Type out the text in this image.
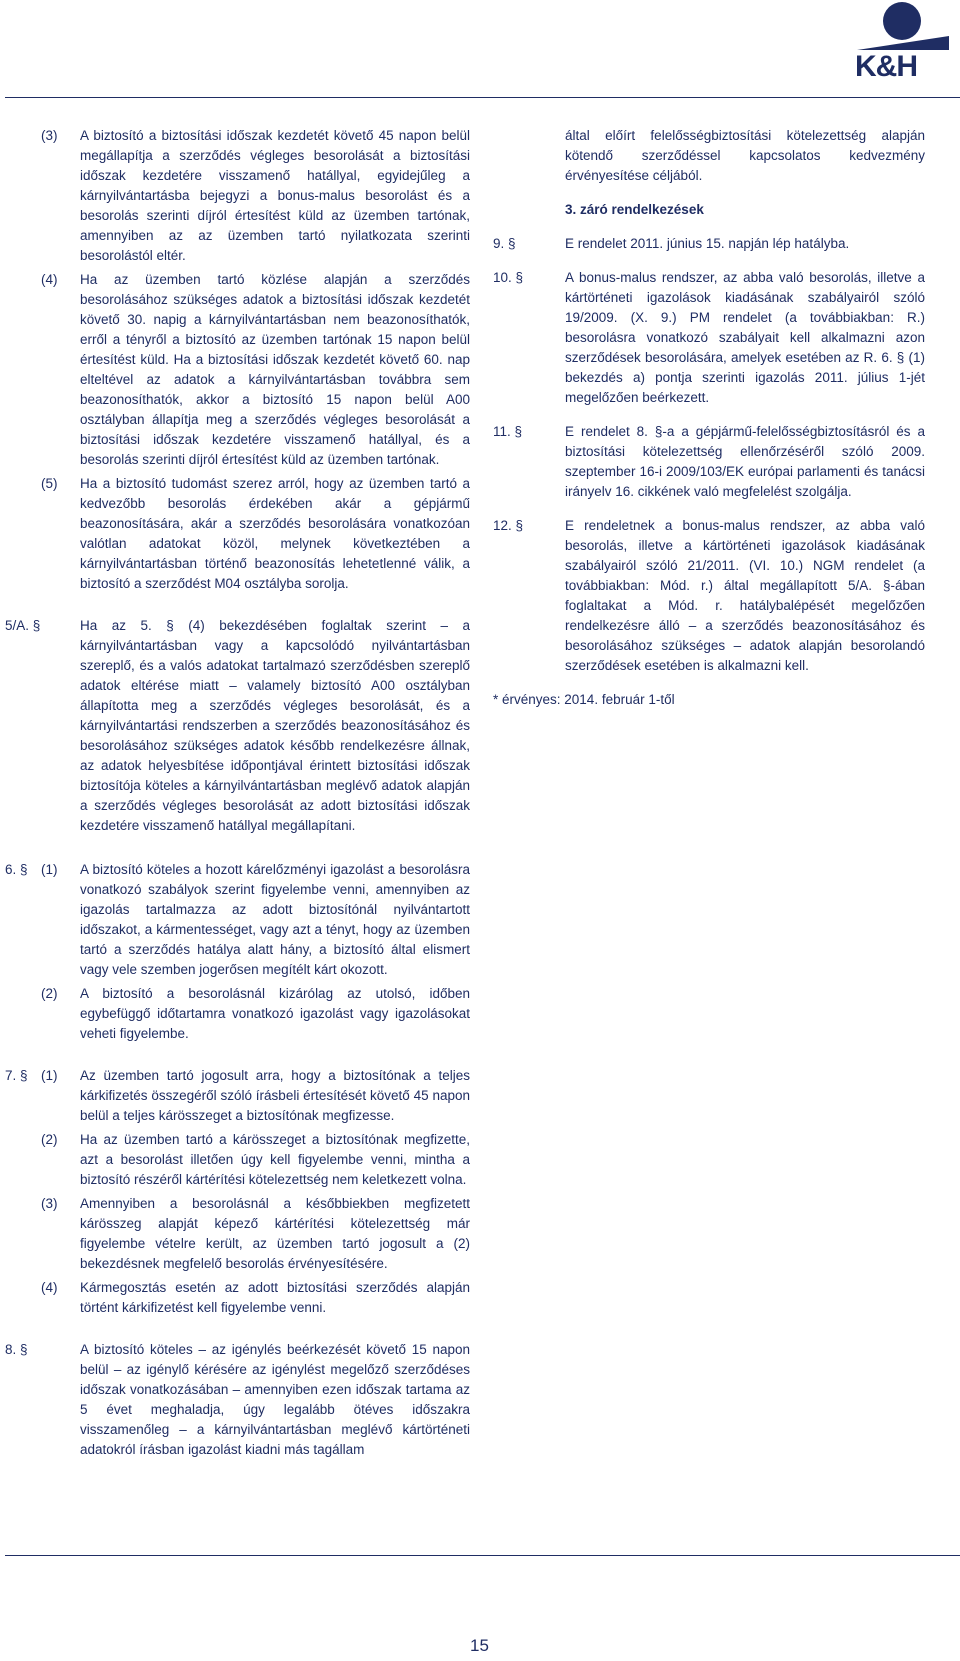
K&H
(3) A biztosító a biztosítási időszak kezdetét követő 45 napon belül megállapítja a szerződés végleges besorolását a biztosítási időszak kezdetére visszamenő hatállyal, egyidejűleg a kárnyilvántartásba bejegyzi a bonus-malus besorolást és a besorolás szerinti díjról értesítést küld az üzemben tartónak, amennyiben az az üzemben tartó nyilatkozata szerinti besorolástól eltér.

(4) Ha az üzemben tartó közlése alapján a szerződés besorolásához szükséges adatok a biztosítási időszak kezdetét követő 30. napig a kárnyilvántartásban nem beazonosíthatók, erről a tényről a biztosító az üzemben tartónak 15 napon belül értesítést küld. Ha a biztosítási időszak kezdetét követő 60. nap elteltével az adatok a kárnyilvántartásban továbbra sem beazonosíthatók, akkor a biztosító 15 napon belül A00 osztályban állapítja meg a szerződés végleges besorolását a biztosítási időszak kezdetére visszamenő hatállyal, és a besorolás szerinti díjról értesítést küld az üzemben tartónak.

(5) Ha a biztosító tudomást szerez arról, hogy az üzemben tartó a kedvezőbb besorolás érdekében akár a gépjármű beazonosítására, akár a szerződés besorolására vonatkozóan valótlan adatokat közöl, melynek következtében a kárnyilvántartásban történő beazonosítás lehetetlenné válik, a biztosító a szerződést M04 osztályba sorolja.

5/A. §	Ha az 5. § (4) bekezdésében foglaltak szerint – a kárnyilvántartásban vagy a kapcsolódó nyilvántartásban szereplő, és a valós adatokat tartalmazó szerződésben szereplő adatok eltérése miatt – valamely biztosító A00 osztályban állapította meg a szerződés végleges besorolását, és a kárnyilvántartási rendszerben a szerződés beazonosításához és besorolásához szükséges adatok később rendelkezésre állnak, az adatok helyesbítése időpontjával érintett biztosítási időszak biztosítója köteles a kárnyilvántartásban meglévő adatok alapján a szerződés végleges besorolását az adott biztosítási időszak kezdetére visszamenő hatállyal megállapítani.

6. § (1) A biztosító köteles a hozott kárelőzményi igazolást a besorolásra vonatkozó szabályok szerint figyelembe venni, amennyiben az igazolás tartalmazza az adott biztosítónál nyilvántartott időszakot, a kármentességet, vagy azt a tényt, hogy az üzemben tartó a szerződés hatálya alatt hány, a biztosító által elismert vagy vele szemben jogerősen megítélt kárt okozott.

(2) A biztosító a besorolásnál kizárólag az utolsó, időben egybefüggő időtartamra vonatkozó igazolást vagy igazolásokat veheti figyelembe.

7. § (1) Az üzemben tartó jogosult arra, hogy a biztosítónak a teljes kárkifizetés összegéről szóló írásbeli értesítését követő 45 napon belül a teljes kárösszeget a biztosítónak megfizesse.

(2) Ha az üzemben tartó a kárösszeget a biztosítónak megfizette, azt a besorolást illetően úgy kell figyelembe venni, mintha a biztosító részéről kártérítési kötelezettség nem keletkezett volna.

(3) Amennyiben a besorolásnál a későbbiekben megfizetett kárösszeg alapját képező kártérítési kötelezettség már figyelembe vételre került, az üzemben tartó jogosult a (2) bekezdésnek megfelelő besorolás érvényesítésére.

(4) Kármegosztás esetén az adott biztosítási szerződés alapján történt kárkifizetést kell figyelembe venni.

8. §	A biztosító köteles – az igénylés beérkezését követő 15 napon belül – az igénylő kérésére az igénylést megelőző szerződéses időszak vonatkozásában – amennyiben ezen időszak tartama az 5 évet meghaladja, úgy legalább ötéves időszakra visszamenőleg – a kárnyilvántartásban meglévő kártörténeti adatokról írásban igazolást kiadni más tagállam

által előírt felelősségbiztosítási kötelezettség alapján kötendő szerződéssel kapcsolatos kedvezmény érvényesítése céljából.

3. záró rendelkezések

9. §	E rendelet 2011. június 15. napján lép hatályba.

10. §	A bonus-malus rendszer, az abba való besorolás, illetve a kártörténeti igazolások kiadásának szabályairól szóló 19/2009. (X. 9.) PM rendelet (a továbbiakban: R.) besorolásra vonatkozó szabályait kell alkalmazni azon szerződések besorolására, amelyek esetében az R. 6. § (1) bekezdés a) pontja szerinti igazolás 2011. július 1-jét megelőzően beérkezett.

11. §	E rendelet 8. §-a a gépjármű-felelősségbiztosításról és a biztosítási kötelezettség ellenőrzéséről szóló 2009. szeptember 16-i 2009/103/EK európai parlamenti és tanácsi irányelv 16. cikkének való megfelelést szolgálja.

12. §	E rendeletnek a bonus-malus rendszer, az abba való besorolás, illetve a kártörténeti igazolások kiadásának szabályairól szóló 21/2011. (VI. 10.) NGM rendelet (a továbbiakban: Mód. r.) által megállapított 5/A. §-ában foglaltakat a Mód. r. hatálybalépését megelőzően rendelkezésre álló – a szerződés beazonosításához és besorolásához szükséges – adatok alapján besorolandó szerződések esetében is alkalmazni kell.

* érvényes: 2014. február 1-től

15
